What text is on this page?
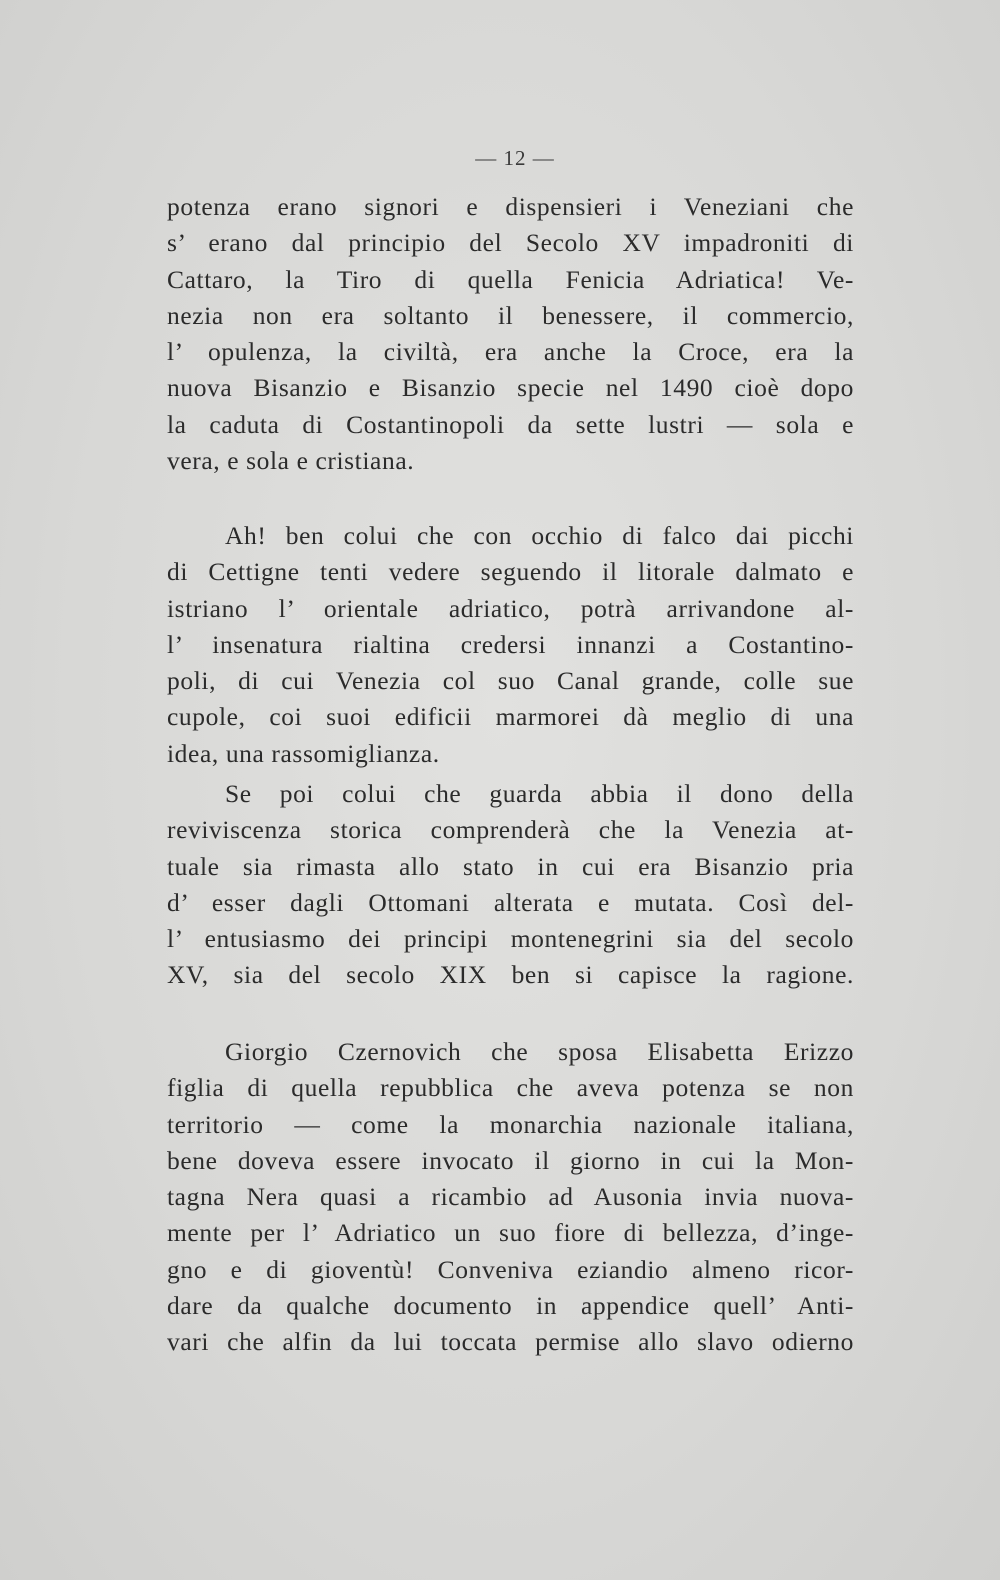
— 12 —
potenza erano signori e dispensieri i Veneziani che
s’ erano dal principio del Secolo XV impadroniti di
Cattaro, la Tiro di quella Fenicia Adriatica! Ve-
nezia non era soltanto il benessere, il commercio,
l’ opulenza, la civiltà, era anche la Croce, era la
nuova Bisanzio e Bisanzio specie nel 1490 cioè dopo
la caduta di Costantinopoli da sette lustri — sola e
vera, e sola e cristiana.
Ah! ben colui che con occhio di falco dai picchi
di Cettigne tenti vedere seguendo il litorale dalmato e
istriano l’ orientale adriatico, potrà arrivandone al-
l’ insenatura rialtina credersi innanzi a Costantino-
poli, di cui Venezia col suo Canal grande, colle sue
cupole, coi suoi edificii marmorei dà meglio di una
idea, una rassomiglianza.
Se poi colui che guarda abbia il dono della
reviviscenza storica comprenderà che la Venezia at-
tuale sia rimasta allo stato in cui era Bisanzio pria
d’ esser dagli Ottomani alterata e mutata. Così del-
l’ entusiasmo dei principi montenegrini sia del secolo
XV, sia del secolo XIX ben si capisce la ragione.
Giorgio Czernovich che sposa Elisabetta Erizzo
figlia di quella repubblica che aveva potenza se non
territorio — come la monarchia nazionale italiana,
bene doveva essere invocato il giorno in cui la Mon-
tagna Nera quasi a ricambio ad Ausonia invia nuova-
mente per l’ Adriatico un suo fiore di bellezza, d’inge-
gno e di gioventù! Conveniva eziandio almeno ricor-
dare da qualche documento in appendice quell’ Anti-
vari che alfin da lui toccata permise allo slavo odierno
